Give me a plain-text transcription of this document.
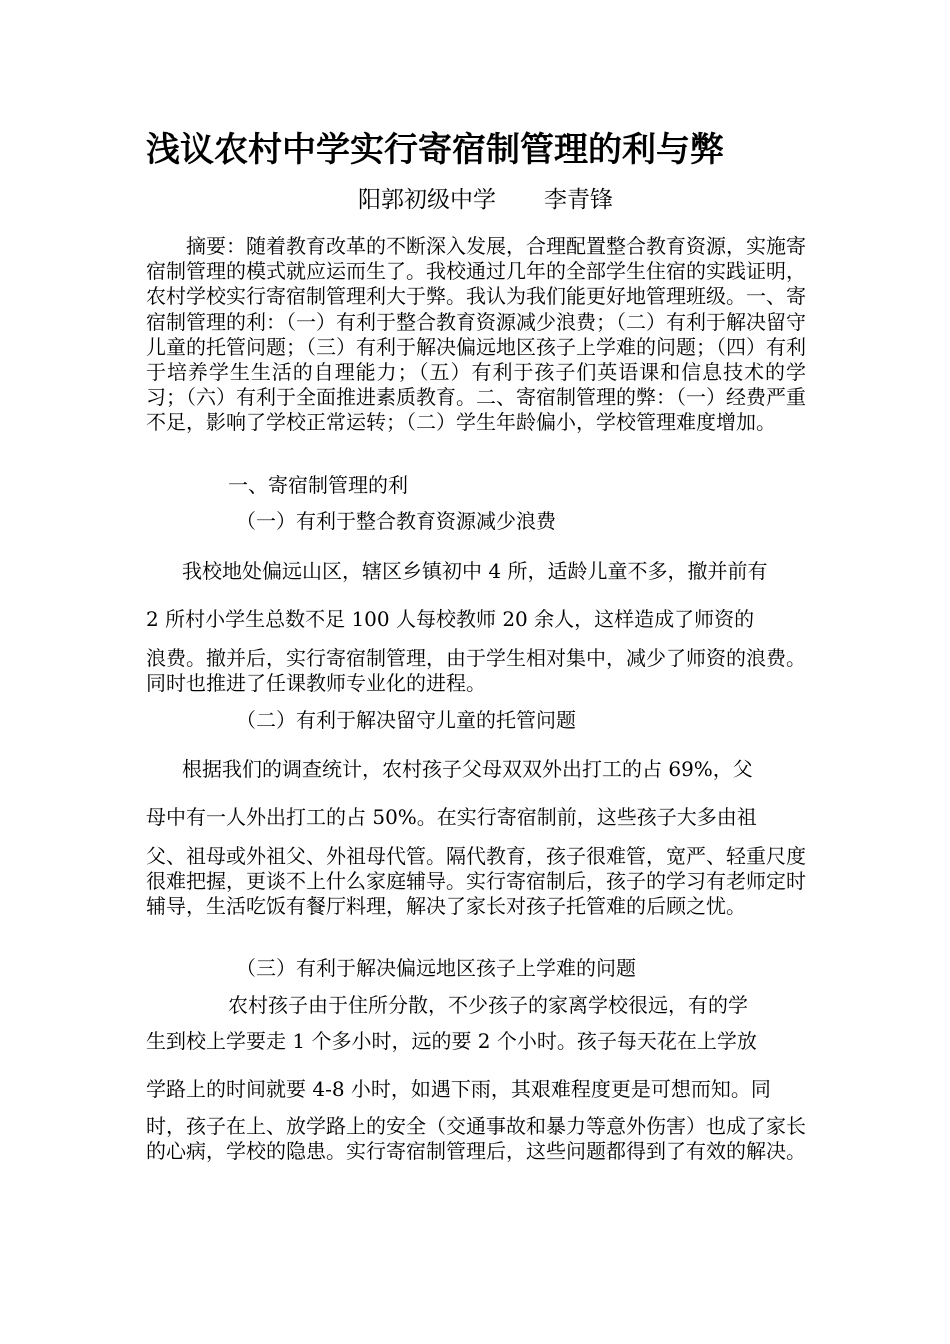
浅议农村中学实行寄宿制管理的利与弊
阳郭初级中学 李青锋
摘要：随着教育改革的不断深入发展，合理配置整合教育资源，实施寄宿制管理的模式就应运而生了。我校通过几年的全部学生住宿的实践证明，农村学校实行寄宿制管理利大于弊。我认为我们能更好地管理班级。一、寄宿制管理的利：（一）有利于整合教育资源减少浪费；（二）有利于解决留守儿童的托管问题；（三）有利于解决偏远地区孩子上学难的问题；（四）有利于培养学生生活的自理能力；（五）有利于孩子们英语课和信息技术的学习；（六）有利于全面推进素质教育。二、寄宿制管理的弊：（一）经费严重不足，影响了学校正常运转；（二）学生年龄偏小，学校管理难度增加。
一、寄宿制管理的利
（一）有利于整合教育资源减少浪费
我校地处偏远山区，辖区乡镇初中 4 所，适龄儿童不多，撤并前有
2 所村小学生总数不足 100 人每校教师 20 余人，这样造成了师资的
浪费。撤并后，实行寄宿制管理，由于学生相对集中，减少了师资的浪费。同时也推进了任课教师专业化的进程。
（二）有利于解决留守儿童的托管问题
根据我们的调查统计，农村孩子父母双双外出打工的占 69%，父
母中有一人外出打工的占 50%。在实行寄宿制前，这些孩子大多由祖
父、祖母或外祖父、外祖母代管。隔代教育，孩子很难管，宽严、轻重尺度很难把握，更谈不上什么家庭辅导。实行寄宿制后，孩子的学习有老师定时辅导，生活吃饭有餐厅料理，解决了家长对孩子托管难的后顾之忧。
（三）有利于解决偏远地区孩子上学难的问题
农村孩子由于住所分散，不少孩子的家离学校很远，有的学
生到校上学要走 1 个多小时，远的要 2 个小时。孩子每天花在上学放
学路上的时间就要 4-8 小时，如遇下雨，其艰难程度更是可想而知。同
时，孩子在上、放学路上的安全（交通事故和暴力等意外伤害）也成了家长的心病，学校的隐患。实行寄宿制管理后，这些问题都得到了有效的解决。
